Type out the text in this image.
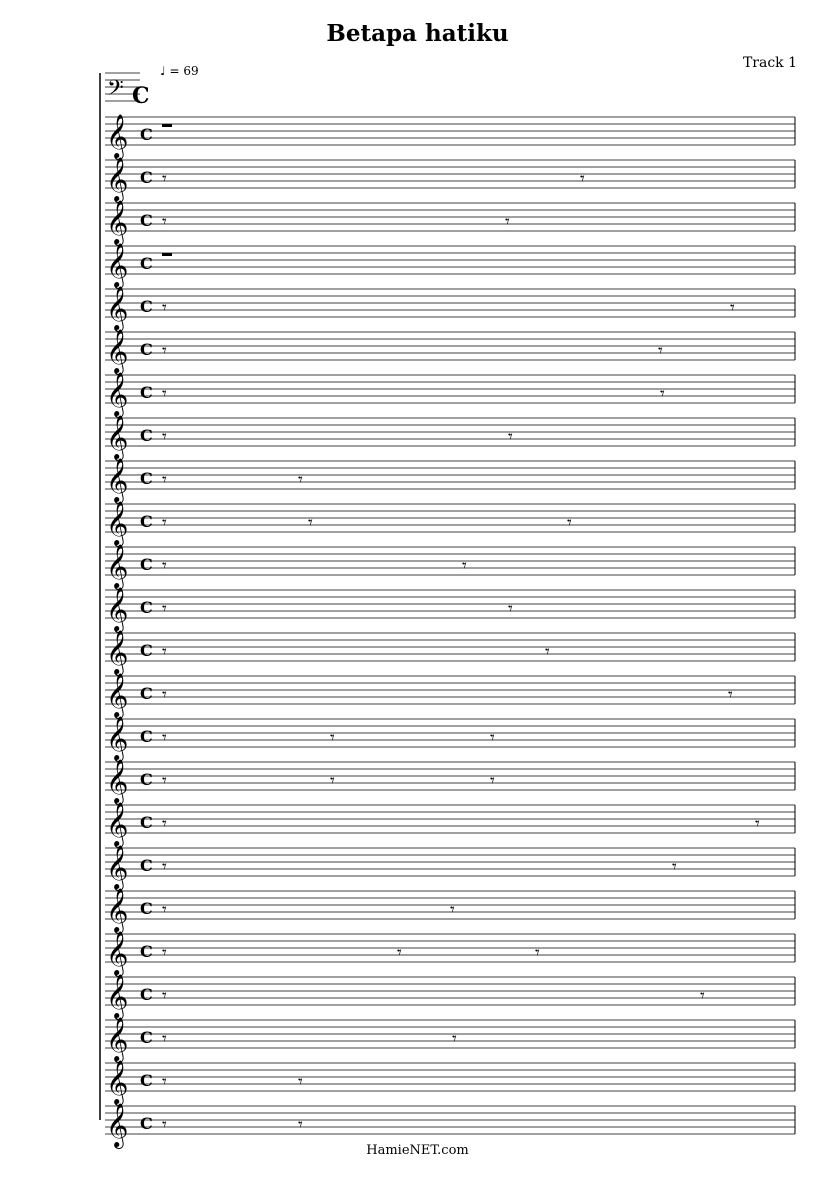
Betapa hatiku
Track 1
♩ = 69
𝄢 C
𝄞 C
𝄞 C 𝄾	𝄾
𝄞 C 𝄾	𝄾
𝄞 C
𝄞 C 𝄾	𝄾
𝄞 C 𝄾	𝄾
𝄞 C 𝄾	𝄾
𝄞 C 𝄾	𝄾
𝄞 C 𝄾	𝄾
𝄞 C 𝄾	𝄾	𝄾
𝄞 C 𝄾	𝄾
𝄞 C 𝄾	𝄾
𝄞 C 𝄾	𝄾
𝄞 C 𝄾	𝄾
𝄞 C 𝄾	𝄾	𝄾
𝄞 C 𝄾	𝄾	𝄾
𝄞 C 𝄾	𝄾
𝄞 C 𝄾	𝄾
𝄞 C 𝄾	𝄾
𝄞 C 𝄾	𝄾	𝄾
𝄞 C 𝄾	𝄾
𝄞 C 𝄾	𝄾
𝄞 C 𝄾	𝄾
𝄞 C 𝄾	𝄾
HamieNET.com
